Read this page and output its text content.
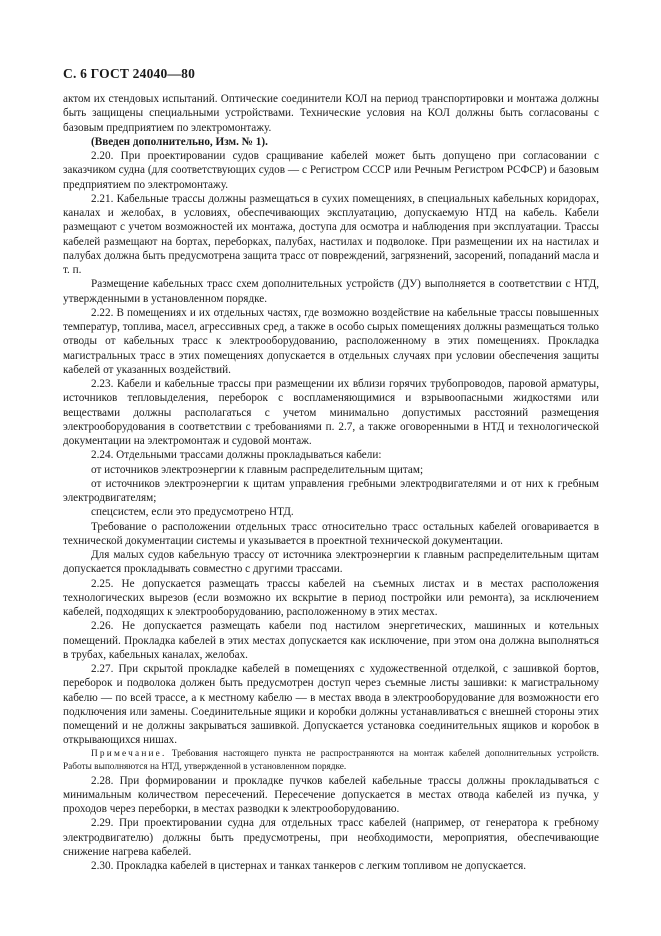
С. 6 ГОСТ 24040—80

актом их стендовых испытаний. Оптические соединители КОЛ на период транспортировки и монтажа должны быть защищены специальными устройствами. Технические условия на КОЛ должны быть согласованы с базовым предприятием по электромонтажу.

(Введен дополнительно, Изм. № 1).

2.20. При проектировании судов сращивание кабелей может быть допущено при согласовании с заказчиком судна (для соответствующих судов — с Регистром СССР или Речным Регистром РСФСР) и базовым предприятием по электромонтажу.

2.21. Кабельные трассы должны размещаться в сухих помещениях, в специальных кабельных коридорах, каналах и желобах, в условиях, обеспечивающих эксплуатацию, допускаемую НТД на кабель. Кабели размещают с учетом возможностей их монтажа, доступа для осмотра и наблюдения при эксплуатации. Трассы кабелей размещают на бортах, переборках, палубах, настилах и подволоке. При размещении их на настилах и палубах должна быть предусмотрена защита трасс от повреждений, загрязнений, засорений, попаданий масла и т. п.

Размещение кабельных трасс схем дополнительных устройств (ДУ) выполняется в соответствии с НТД, утвержденными в установленном порядке.

2.22. В помещениях и их отдельных частях, где возможно воздействие на кабельные трассы повышенных температур, топлива, масел, агрессивных сред, а также в особо сырых помещениях должны размещаться только отводы от кабельных трасс к электрооборудованию, расположенному в этих помещениях. Прокладка магистральных трасс в этих помещениях допускается в отдельных случаях при условии обеспечения защиты кабелей от указанных воздействий.

2.23. Кабели и кабельные трассы при размещении их вблизи горячих трубопроводов, паровой арматуры, источников тепловыделения, переборок с воспламеняющимися и взрывоопасными жидкостями или веществами должны располагаться с учетом минимально допустимых расстояний размещения электрооборудования в соответствии с требованиями п. 2.7, а также оговоренными в НТД и технологической документации на электромонтаж и судовой монтаж.

2.24. Отдельными трассами должны прокладываться кабели:

от источников электроэнергии к главным распределительным щитам;

от источников электроэнергии к щитам управления гребными электродвигателями и от них к гребным электродвигателям;

спецсистем, если это предусмотрено НТД.

Требование о расположении отдельных трасс относительно трасс остальных кабелей оговаривается в технической документации системы и указывается в проектной технической документации.

Для малых судов кабельную трассу от источника электроэнергии к главным распределительным щитам допускается прокладывать совместно с другими трассами.

2.25. Не допускается размещать трассы кабелей на съемных листах и в местах расположения технологических вырезов (если возможно их вскрытие в период постройки или ремонта), за исключением кабелей, подходящих к электрооборудованию, расположенному в этих местах.

2.26. Не допускается размещать кабели под настилом энергетических, машинных и котельных помещений. Прокладка кабелей в этих местах допускается как исключение, при этом она должна выполняться в трубах, кабельных каналах, желобах.

2.27. При скрытой прокладке кабелей в помещениях с художественной отделкой, с зашивкой бортов, переборок и подволока должен быть предусмотрен доступ через съемные листы зашивки: к магистральному кабелю — по всей трассе, а к местному кабелю — в местах ввода в электрооборудование для возможности его подключения или замены. Соединительные ящики и коробки должны устанавливаться с внешней стороны этих помещений и не должны закрываться зашивкой. Допускается установка соединительных ящиков и коробок в открывающихся нишах.

Примечание. Требования настоящего пункта не распространяются на монтаж кабелей дополнительных устройств. Работы выполняются на НТД, утвержденной в установленном порядке.

2.28. При формировании и прокладке пучков кабелей кабельные трассы должны прокладываться с минимальным количеством пересечений. Пересечение допускается в местах отвода кабелей из пучка, у проходов через переборки, в местах разводки к электрооборудованию.

2.29. При проектировании судна для отдельных трасс кабелей (например, от генератора к гребному электродвигателю) должны быть предусмотрены, при необходимости, мероприятия, обеспечивающие снижение нагрева кабелей.

2.30. Прокладка кабелей в цистернах и танках танкеров с легким топливом не допускается.
